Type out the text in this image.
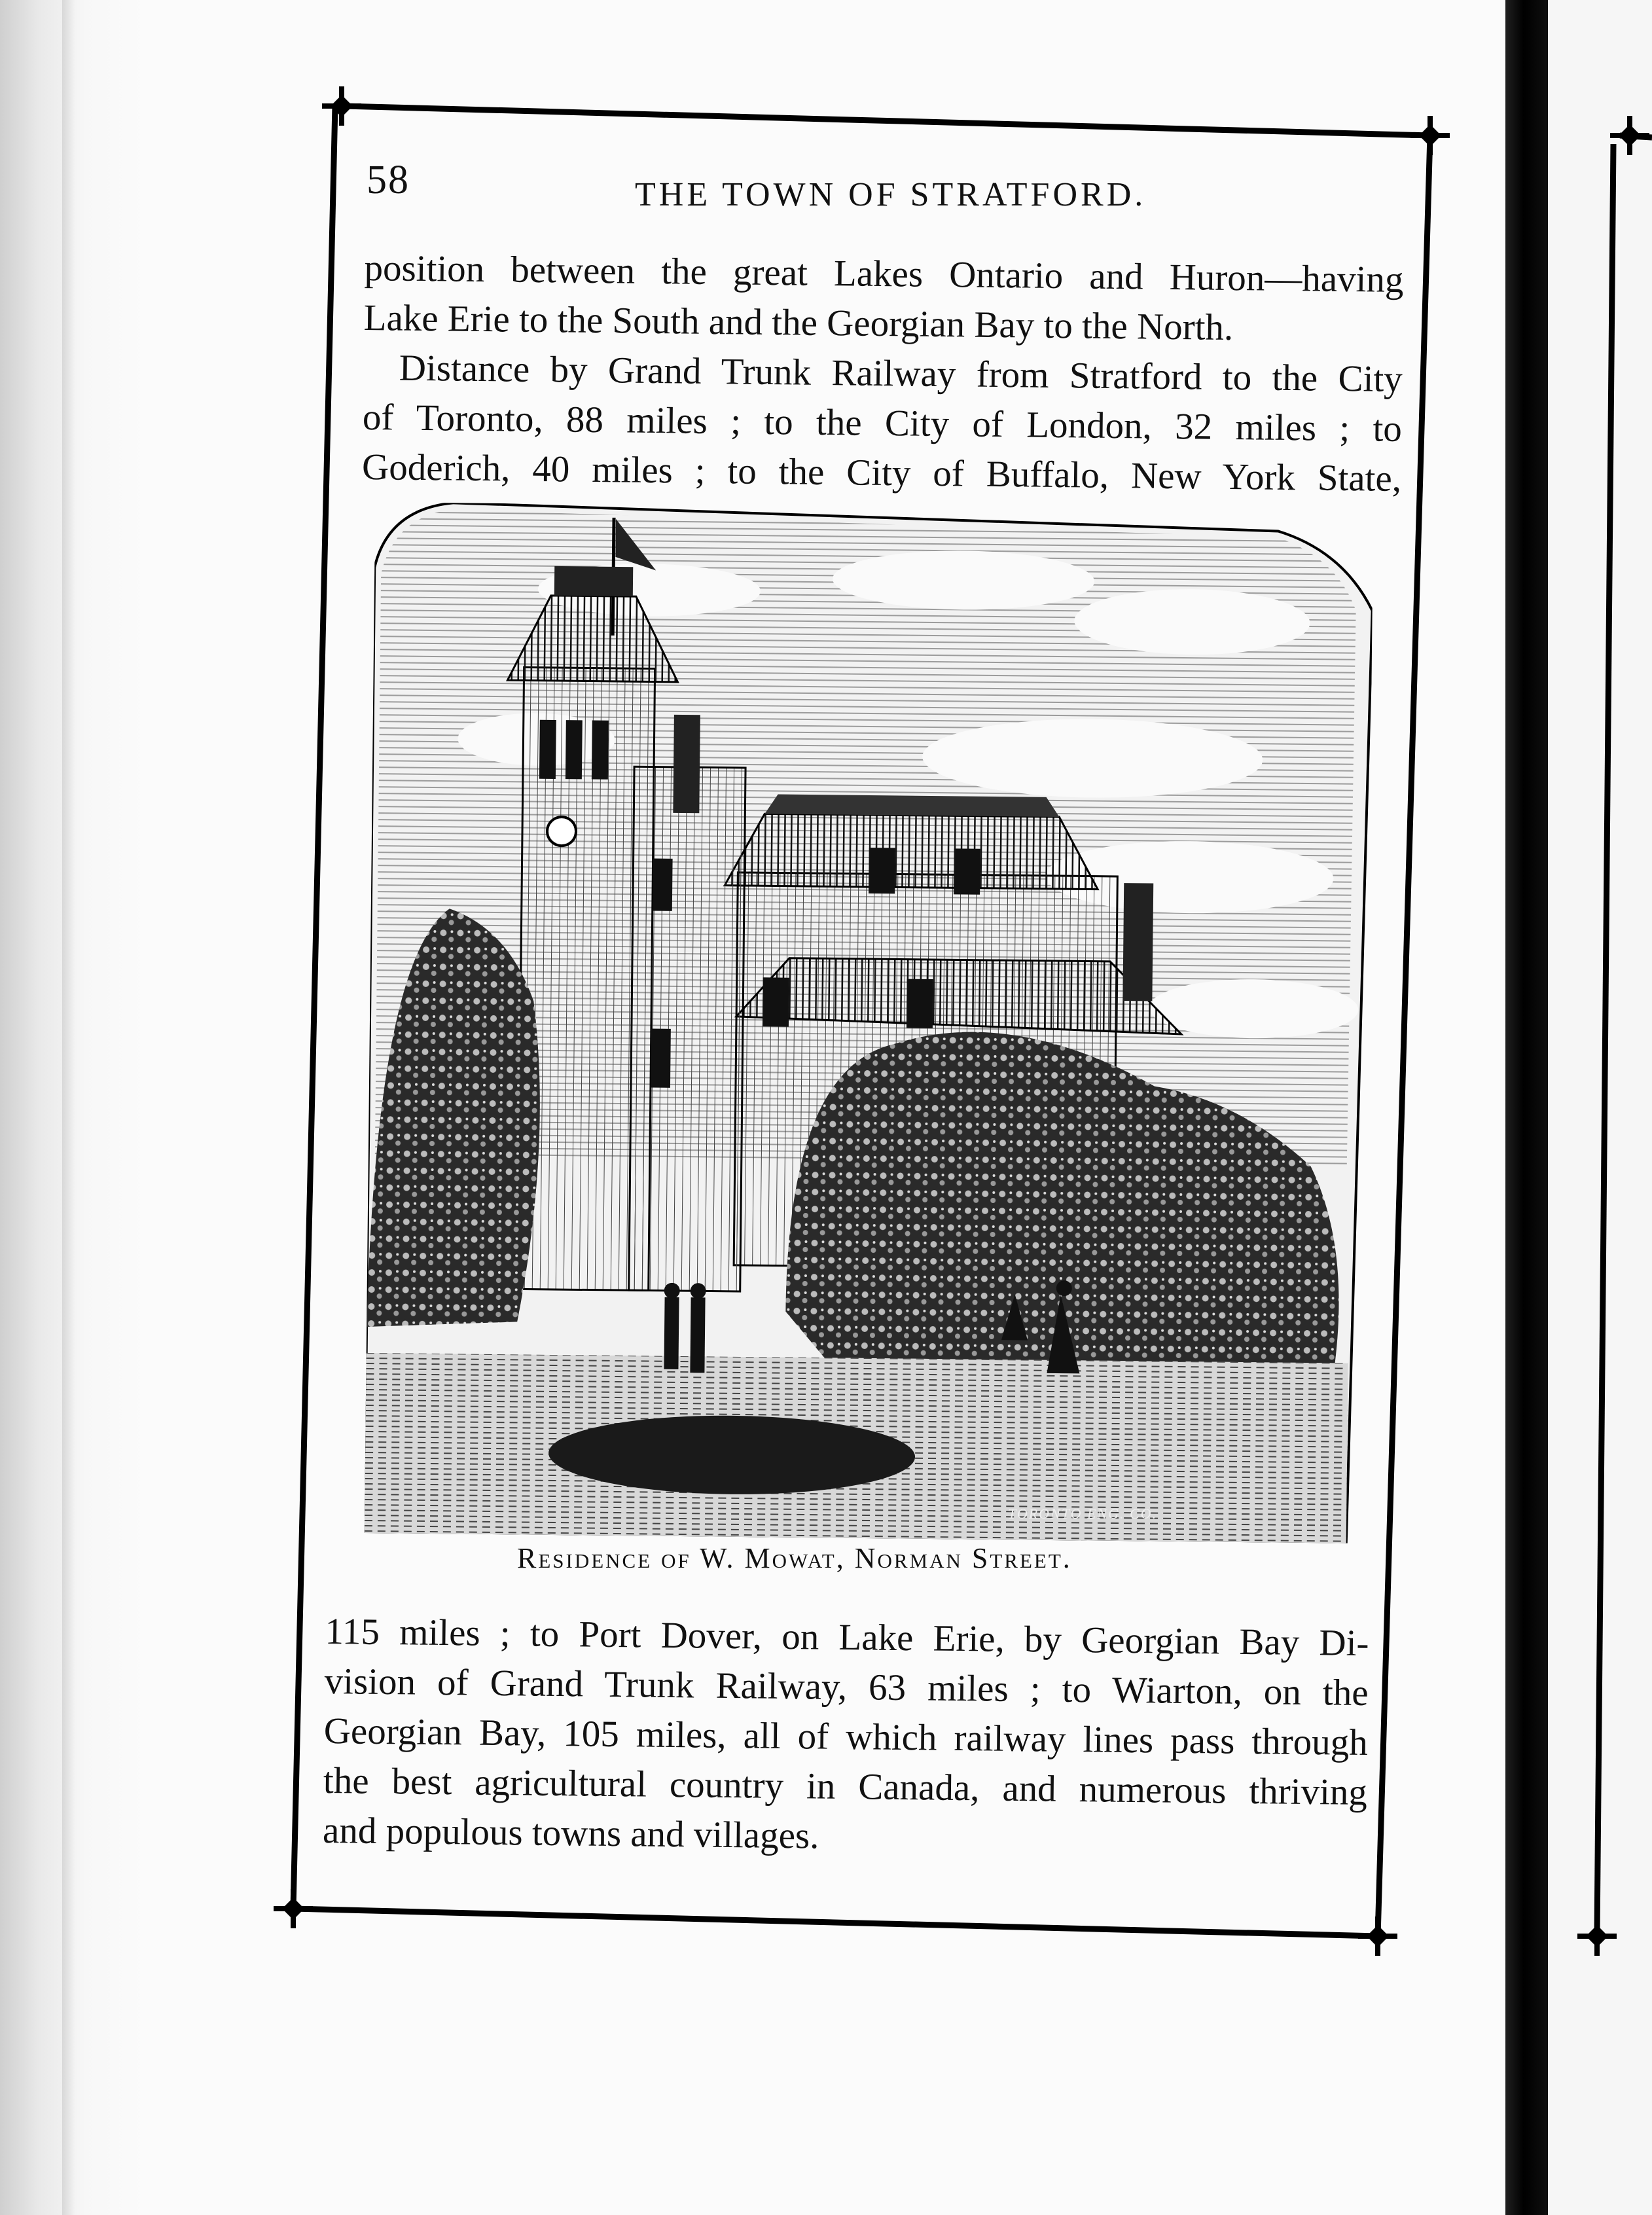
58	THE TOWN OF STRATFORD.
position between the great Lakes Ontario and Huron—having
Lake Erie to the South and the Georgian Bay to the North.
Distance by Grand Trunk Railway from Stratford to the City
of Toronto, 88 miles ; to the City of London, 32 miles ; to
Goderich, 40 miles ; to the City of Buffalo, New York State,
TORONTO ENG. CO.
Residence of W. Mowat, Norman Street.
115 miles ; to Port Dover, on Lake Erie, by Georgian Bay Di-
vision of Grand Trunk Railway, 63 miles ; to Wiarton, on the
Georgian Bay, 105 miles, all of which railway lines pass through
the best agricultural country in Canada, and numerous thriving
and populous towns and villages.
